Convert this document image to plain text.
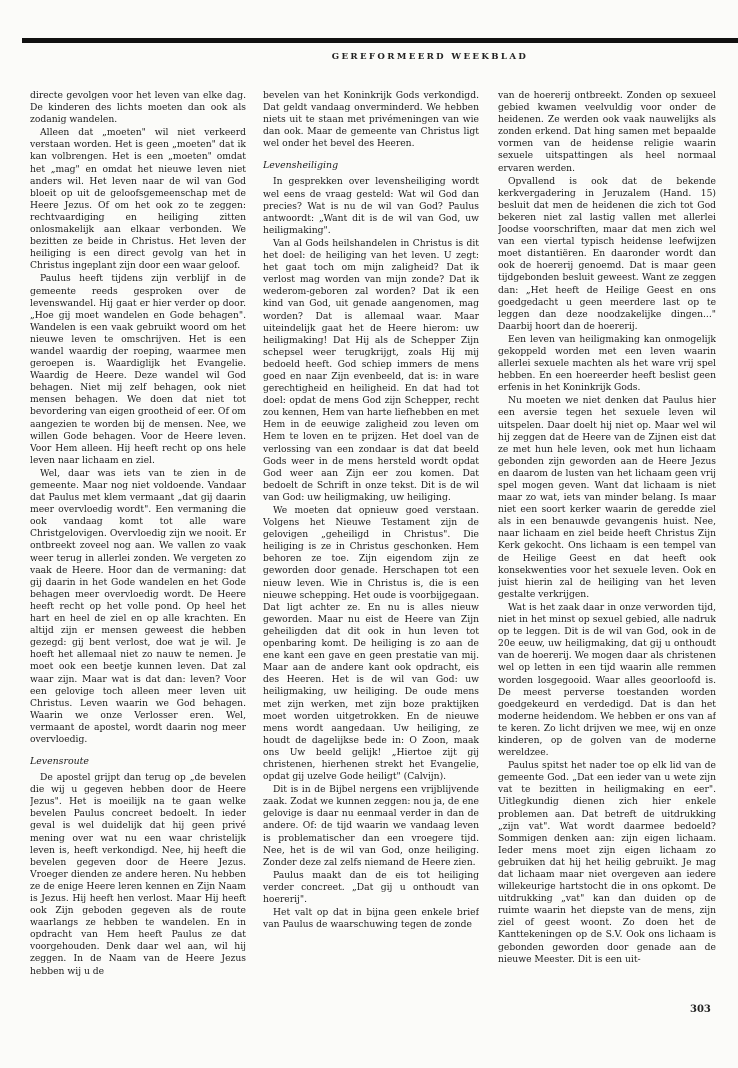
GEREFORMEERD WEEKBLAD

directe gevolgen voor het leven van elke dag. De kinderen des lichts moeten dan ook als zodanig wandelen.

Alleen dat „moeten" wil niet verkeerd verstaan worden. Het is geen „moeten" dat ik kan volbrengen. Het is een „moeten" omdat het „mag" en omdat het nieuwe leven niet anders wil. Het leven naar de wil van God bloeit op uit de geloofsgemeenschap met de Heere Jezus. Of om het ook zo te zeggen: rechtvaardiging en heiliging zitten onlosmakelijk aan elkaar verbonden. We bezitten ze beide in Christus. Het leven der heiliging is een direct gevolg van het in Christus ingeplant zijn door een waar geloof.

Paulus heeft tijdens zijn verblijf in de gemeente reeds gesproken over de levenswandel. Hij gaat er hier verder op door. „Hoe gij moet wandelen en Gode behagen". Wandelen is een vaak gebruikt woord om het nieuwe leven te omschrijven. Het is een wandel waardig der roeping, waarmee men geroepen is. Waardiglijk het Evangelie. Waardig de Heere. Deze wandel wil God behagen. Niet mij zelf behagen, ook niet mensen behagen. We doen dat niet tot bevordering van eigen grootheid of eer. Of om aangezien te worden bij de mensen. Nee, we willen Gode behagen. Voor de Heere leven. Voor Hem alleen. Hij heeft recht op ons hele leven naar lichaam en ziel.

Wel, daar was iets van te zien in de gemeente. Maar nog niet voldoende. Vandaar dat Paulus met klem vermaant „dat gij daarin meer overvloedig wordt". Een vermaning die ook vandaag komt tot alle ware Christgelovigen. Overvloedig zijn we nooit. Er ontbreekt zoveel nog aan. We vallen zo vaak weer terug in allerlei zonden. We vergeten zo vaak de Heere. Hoor dan de vermaning: dat gij daarin in het Gode wandelen en het Gode behagen meer overvloedig wordt. De Heere heeft recht op het volle pond. Op heel het hart en heel de ziel en op alle krachten. En altijd zijn er mensen geweest die hebben gezegd: gij bent verlost, doe wat je wil. Je hoeft het allemaal niet zo nauw te nemen. Je moet ook een beetje kunnen leven. Dat zal waar zijn. Maar wat is dat dan: leven? Voor een gelovige toch alleen meer leven uit Christus. Leven waarin we God behagen. Waarin we onze Verlosser eren. Wel, vermaant de apostel, wordt daarin nog meer overvloedig.

Levensroute

De apostel grijpt dan terug op „de bevelen die wij u gegeven hebben door de Heere Jezus". Het is moeilijk na te gaan welke bevelen Paulus concreet bedoelt. In ieder geval is wel duidelijk dat hij geen privé mening over wat nu een waar christelijk leven is, heeft verkondigd. Nee, hij heeft die bevelen gegeven door de Heere Jezus. Vroeger dienden ze andere heren. Nu hebben ze de enige Heere leren kennen en Zijn Naam is Jezus. Hij heeft hen verlost. Maar Hij heeft ook Zijn geboden gegeven als de route waarlangs ze hebben te wandelen. En in opdracht van Hem heeft Paulus ze dat voorgehouden. Denk daar wel aan, wil hij zeggen. In de Naam van de Heere Jezus hebben wij u de

bevelen van het Koninkrijk Gods verkondigd. Dat geldt vandaag onverminderd. We hebben niets uit te staan met privémeningen van wie dan ook. Maar de gemeente van Christus ligt wel onder het bevel des Heeren.

Levensheiliging

In gesprekken over levensheiliging wordt wel eens de vraag gesteld: Wat wil God dan precies? Wat is nu de wil van God? Paulus antwoordt: „Want dit is de wil van God, uw heiligmaking".

Van al Gods heilshandelen in Christus is dit het doel: de heiliging van het leven. U zegt: het gaat toch om mijn zaligheid? Dat ik verlost mag worden van mijn zonde? Dat ik wederom-geboren zal worden? Dat ik een kind van God, uit genade aangenomen, mag worden? Dat is allemaal waar. Maar uiteindelijk gaat het de Heere hierom: uw heiligmaking! Dat Hij als de Schepper Zijn schepsel weer terugkrijgt, zoals Hij mij bedoeld heeft. God schiep immers de mens goed en naar Zijn evenbeeld, dat is: in ware gerechtigheid en heiligheid. En dat had tot doel: opdat de mens God zijn Schepper, recht zou kennen, Hem van harte liefhebben en met Hem in de eeuwige zaligheid zou leven om Hem te loven en te prijzen. Het doel van de verlossing van een zondaar is dat dat beeld Gods weer in de mens hersteld wordt opdat God weer aan Zijn eer zou komen. Dat bedoelt de Schrift in onze tekst. Dit is de wil van God: uw heiligmaking, uw heiliging.

We moeten dat opnieuw goed verstaan. Volgens het Nieuwe Testament zijn de gelovigen „geheiligd in Christus". Die heiliging is ze in Christus geschonken. Hem behoren ze toe. Zijn eigendom zijn ze geworden door genade. Herschapen tot een nieuw leven. Wie in Christus is, die is een nieuwe schepping. Het oude is voorbijgegaan. Dat ligt achter ze. En nu is alles nieuw geworden. Maar nu eist de Heere van Zijn geheiligden dat dit ook in hun leven tot openbaring komt. De heiliging is zo aan de ene kant een gave en geen prestatie van mij. Maar aan de andere kant ook opdracht, eis des Heeren. Het is de wil van God: uw heiligmaking, uw heiliging. De oude mens met zijn werken, met zijn boze praktijken moet worden uitgetrokken. En de nieuwe mens wordt aangedaan. Uw heiliging, ze houdt de dagelijkse bede in: O Zoon, maak ons Uw beeld gelijk! „Hiertoe zijt gij christenen, hierhenen strekt het Evangelie, opdat gij uzelve Gode heiligt" (Calvijn).

Dit is in de Bijbel nergens een vrijblijvende zaak. Zodat we kunnen zeggen: nou ja, de ene gelovige is daar nu eenmaal verder in dan de andere. Of: de tijd waarin we vandaag leven is problematischer dan een vroegere tijd. Nee, het is de wil van God, onze heiliging. Zonder deze zal zelfs niemand de Heere zien.

Paulus maakt dan de eis tot heiliging verder concreet. „Dat gij u onthoudt van hoererij".

Het valt op dat in bijna geen enkele brief van Paulus de waarschuwing tegen de zonde

van de hoererij ontbreekt. Zonden op sexueel gebied kwamen veelvuldig voor onder de heidenen. Ze werden ook vaak nauwelijks als zonden erkend. Dat hing samen met bepaalde vormen van de heidense religie waarin sexuele uitspattingen als heel normaal ervaren werden.

Opvallend is ook dat de bekende kerkvergadering in Jeruzalem (Hand. 15) besluit dat men de heidenen die zich tot God bekeren niet zal lastig vallen met allerlei Joodse voorschriften, maar dat men zich wel van een viertal typisch heidense leefwijzen moet distantiëren. En daaronder wordt dan ook de hoererij genoemd. Dat is maar geen tijdgebonden besluit geweest. Want ze zeggen dan: „Het heeft de Heilige Geest en ons goedgedacht u geen meerdere last op te leggen dan deze noodzakelijke dingen..." Daarbij hoort dan de hoererij.

Een leven van heiligmaking kan onmogelijk gekoppeld worden met een leven waarin allerlei sexuele machten als het ware vrij spel hebben. En een hoereerder heeft beslist geen erfenis in het Koninkrijk Gods.

Nu moeten we niet denken dat Paulus hier een aversie tegen het sexuele leven wil uitspelen. Daar doelt hij niet op. Maar wel wil hij zeggen dat de Heere van de Zijnen eist dat ze met hun hele leven, ook met hun lichaam gebonden zijn geworden aan de Heere Jezus en daarom de lusten van het lichaam geen vrij spel mogen geven. Want dat lichaam is niet maar zo wat, iets van minder belang. Is maar niet een soort kerker waarin de geredde ziel als in een benauwde gevangenis huist. Nee, naar lichaam en ziel beide heeft Christus Zijn Kerk gekocht. Ons lichaam is een tempel van de Heilige Geest en dat heeft ook konsekwenties voor het sexuele leven. Ook en juist hierin zal de heiliging van het leven gestalte verkrijgen.

Wat is het zaak daar in onze verworden tijd, niet in het minst op sexuel gebied, alle nadruk op te leggen. Dit is de wil van God, ook in de 20e eeuw, uw heiligmaking, dat gij u onthoudt van de hoererij. We mogen daar als christenen wel op letten in een tijd waarin alle remmen worden losgegooid. Waar alles geoorloofd is. De meest perverse toestanden worden goedgekeurd en verdedigd. Dat is dan het moderne heidendom. We hebben er ons van af te keren. Zo licht drijven we mee, wij en onze kinderen, op de golven van de moderne wereldzee.

Paulus spitst het nader toe op elk lid van de gemeente God. „Dat een ieder van u wete zijn vat te bezitten in heiligmaking en eer". Uitlegkundig dienen zich hier enkele problemen aan. Dat betreft de uitdrukking „zijn vat". Wat wordt daarmee bedoeld? Sommigen denken aan: zijn eigen lichaam. Ieder mens moet zijn eigen lichaam zo gebruiken dat hij het heilig gebruikt. Je mag dat lichaam maar niet overgeven aan iedere willekeurige hartstocht die in ons opkomt. De uitdrukking „vat" kan dan duiden op de ruimte waarin het diepste van de mens, zijn ziel of geest woont. Zo doen het de Kanttekeningen op de S.V. Ook ons lichaam is gebonden geworden door genade aan de nieuwe Meester. Dit is een uit-

303
